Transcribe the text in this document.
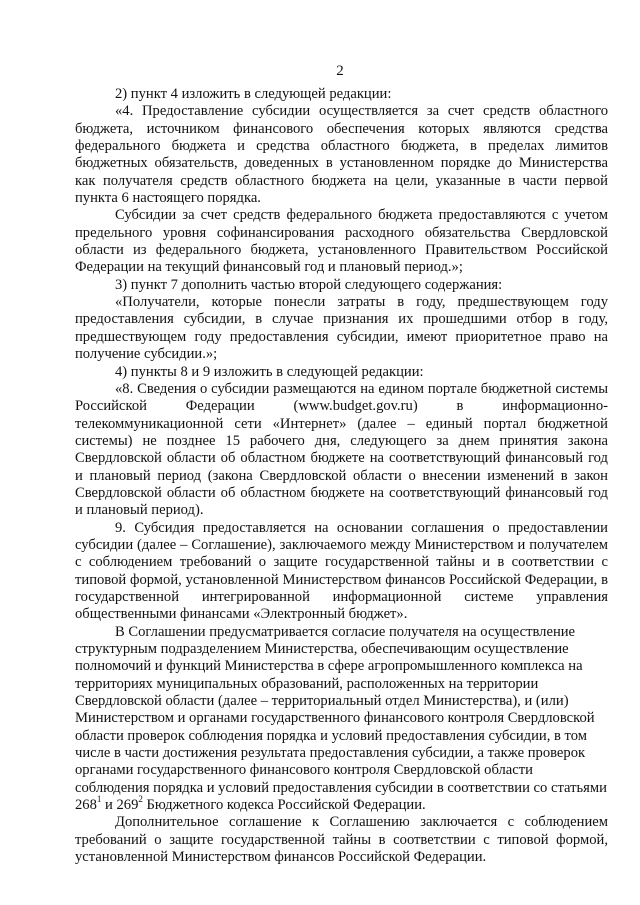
2

2) пункт 4 изложить в следующей редакции:

«4. Предоставление субсидии осуществляется за счет средств областного бюджета, источником финансового обеспечения которых являются средства федерального бюджета и средства областного бюджета, в пределах лимитов бюджетных обязательств, доведенных в установленном порядке до Министерства как получателя средств областного бюджета на цели, указанные в части первой пункта 6 настоящего порядка.

Субсидии за счет средств федерального бюджета предоставляются с учетом предельного уровня софинансирования расходного обязательства Свердловской области из федерального бюджета, установленного Правительством Российской Федерации на текущий финансовый год и плановый период.»;

3) пункт 7 дополнить частью второй следующего содержания:

«Получатели, которые понесли затраты в году, предшествующем году предоставления субсидии, в случае признания их прошедшими отбор в году, предшествующем году предоставления субсидии, имеют приоритетное право на получение субсидии.»;

4) пункты 8 и 9 изложить в следующей редакции:

«8. Сведения о субсидии размещаются на едином портале бюджетной системы Российской Федерации (www.budget.gov.ru) в информационно-телекоммуникационной сети «Интернет» (далее – единый портал бюджетной системы) не позднее 15 рабочего дня, следующего за днем принятия закона Свердловской области об областном бюджете на соответствующий финансовый год и плановый период (закона Свердловской области о внесении изменений в закон Свердловской области об областном бюджете на соответствующий финансовый год и плановый период).

9. Субсидия предоставляется на основании соглашения о предоставлении субсидии (далее – Соглашение), заключаемого между Министерством и получателем с соблюдением требований о защите государственной тайны и в соответствии с типовой формой, установленной Министерством финансов Российской Федерации, в государственной интегрированной информационной системе управления общественными финансами «Электронный бюджет».

В Соглашении предусматривается согласие получателя на осуществление структурным подразделением Министерства, обеспечивающим осуществление полномочий и функций Министерства в сфере агропромышленного комплекса на территориях муниципальных образований, расположенных на территории Свердловской области (далее – территориальный отдел Министерства), и (или) Министерством и органами государственного финансового контроля Свердловской области проверок соблюдения порядка и условий предоставления субсидии, в том числе в части достижения результата предоставления субсидии, а также проверок органами государственного финансового контроля Свердловской области соблюдения порядка и условий предоставления субсидии в соответствии со статьями $268^1$ и $269^2$ Бюджетного кодекса Российской Федерации.

Дополнительное соглашение к Соглашению заключается с соблюдением требований о защите государственной тайны в соответствии с типовой формой, установленной Министерством финансов Российской Федерации.
